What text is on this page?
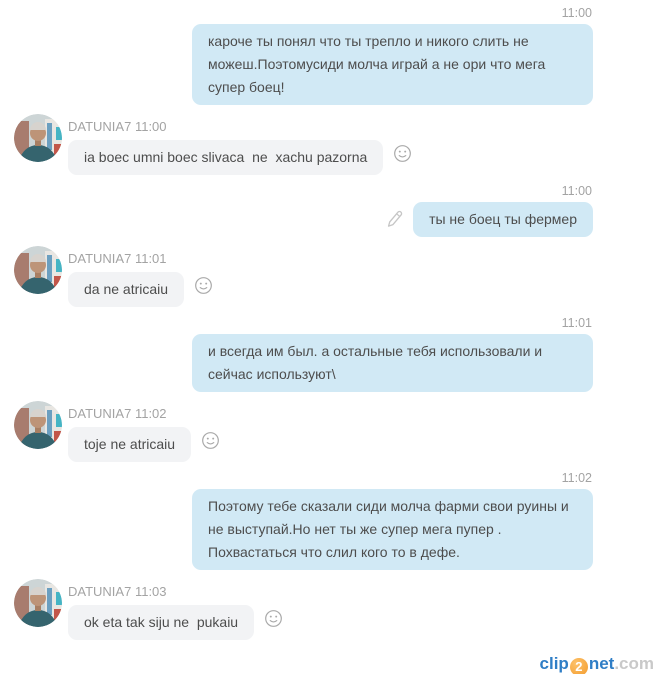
11:00
кароче ты понял что ты трепло и никого слить не можеш.Поэтомусиди молча играй а не ори что мега супер боец!
DATUNIA7 11:00
ia boec umni boec slivaca  ne  xachu pazorna
11:00
ты не боец ты фермер
DATUNIA7 11:01
da ne atricaiu
11:01
и всегда им был. а остальные тебя использовали и сейчас используют\
DATUNIA7 11:02
toje ne atricaiu
11:02
Поэтому тебе сказали сиди молча фарми свои руины и не выступай.Но нет ты же супер мега пупер . Похвастаться что слил кого то в дефе.
DATUNIA7 11:03
ok eta tak siju ne  pukaiu
clip 2 net.com
